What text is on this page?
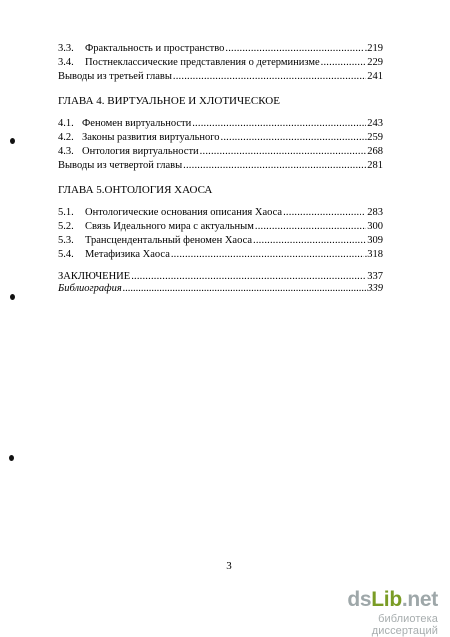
3.3.	Фрактальность и пространство .....	.219
3.4.	Постнеклассические представления о детерминизме .....	229
Выводы из третьей главы .....	241
ГЛАВА 4. ВИРТУАЛЬНОЕ И ХЛОТИЧЕСКОЕ
4.1. Феномен виртуальности .....	243
4.2. Законы развития виртуального .....	.259
4.3. Онтология виртуальности .....	268
Выводы из четвертой главы .....	281
ГЛАВА 5.ОНТОЛОГИЯ ХАОСА
5.1.	Онтологические основания описания Хаоса .....	. 283
5.2.	Связь Идеального мира с актуальным .....	300
5.3.	Трансцендентальный феномен Хаоса .....	309
5.4.	Метафизика Хаоса .....	.318
ЗАКЛЮЧЕНИЕ .....	337
Библиография .....	339
3
ds Lib .net
библиотека диссертаций
